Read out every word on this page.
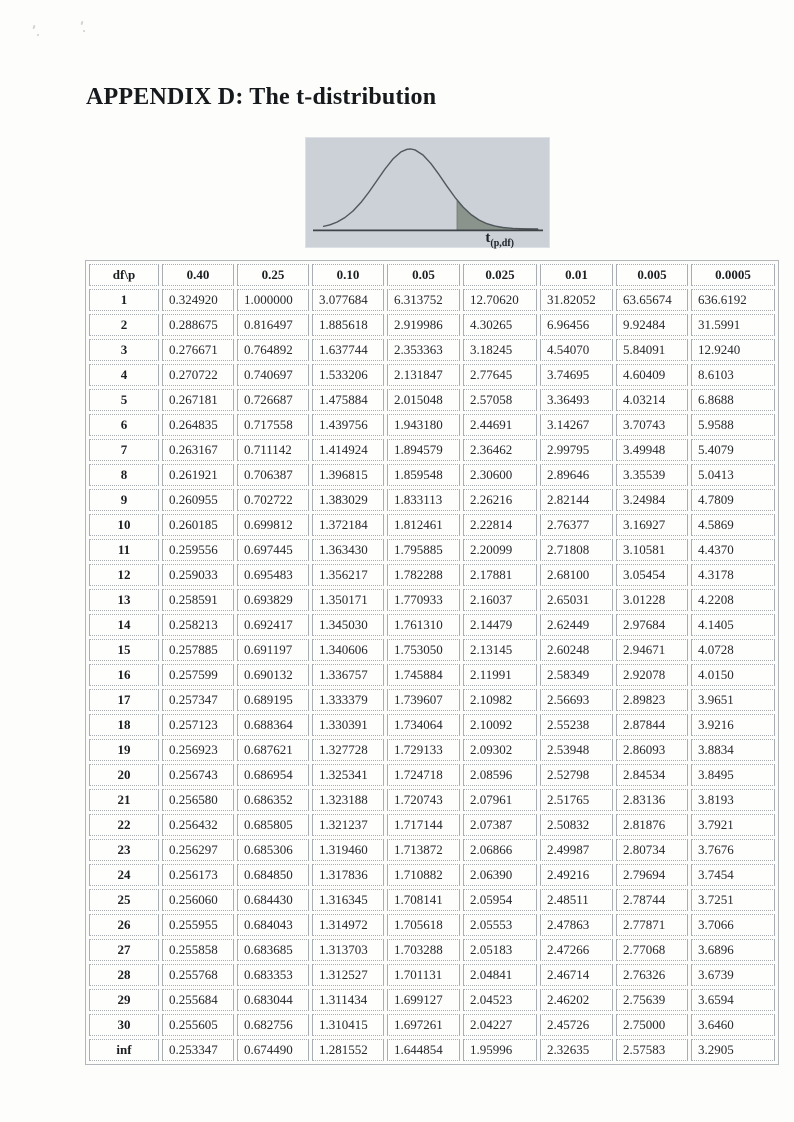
APPENDIX D: The t-distribution
$t_{(p,df)}$
df\p	0.40	0.25	0.10	0.05	0.025	0.01	0.005	0.0005
1	0.324920	1.000000	3.077684	6.313752	12.70620	31.82052	63.65674	636.6192
2	0.288675	0.816497	1.885618	2.919986	4.30265	6.96456	9.92484	31.5991
3	0.276671	0.764892	1.637744	2.353363	3.18245	4.54070	5.84091	12.9240
4	0.270722	0.740697	1.533206	2.131847	2.77645	3.74695	4.60409	8.6103
5	0.267181	0.726687	1.475884	2.015048	2.57058	3.36493	4.03214	6.8688
6	0.264835	0.717558	1.439756	1.943180	2.44691	3.14267	3.70743	5.9588
7	0.263167	0.711142	1.414924	1.894579	2.36462	2.99795	3.49948	5.4079
8	0.261921	0.706387	1.396815	1.859548	2.30600	2.89646	3.35539	5.0413
9	0.260955	0.702722	1.383029	1.833113	2.26216	2.82144	3.24984	4.7809
10	0.260185	0.699812	1.372184	1.812461	2.22814	2.76377	3.16927	4.5869
11	0.259556	0.697445	1.363430	1.795885	2.20099	2.71808	3.10581	4.4370
12	0.259033	0.695483	1.356217	1.782288	2.17881	2.68100	3.05454	4.3178
13	0.258591	0.693829	1.350171	1.770933	2.16037	2.65031	3.01228	4.2208
14	0.258213	0.692417	1.345030	1.761310	2.14479	2.62449	2.97684	4.1405
15	0.257885	0.691197	1.340606	1.753050	2.13145	2.60248	2.94671	4.0728
16	0.257599	0.690132	1.336757	1.745884	2.11991	2.58349	2.92078	4.0150
17	0.257347	0.689195	1.333379	1.739607	2.10982	2.56693	2.89823	3.9651
18	0.257123	0.688364	1.330391	1.734064	2.10092	2.55238	2.87844	3.9216
19	0.256923	0.687621	1.327728	1.729133	2.09302	2.53948	2.86093	3.8834
20	0.256743	0.686954	1.325341	1.724718	2.08596	2.52798	2.84534	3.8495
21	0.256580	0.686352	1.323188	1.720743	2.07961	2.51765	2.83136	3.8193
22	0.256432	0.685805	1.321237	1.717144	2.07387	2.50832	2.81876	3.7921
23	0.256297	0.685306	1.319460	1.713872	2.06866	2.49987	2.80734	3.7676
24	0.256173	0.684850	1.317836	1.710882	2.06390	2.49216	2.79694	3.7454
25	0.256060	0.684430	1.316345	1.708141	2.05954	2.48511	2.78744	3.7251
26	0.255955	0.684043	1.314972	1.705618	2.05553	2.47863	2.77871	3.7066
27	0.255858	0.683685	1.313703	1.703288	2.05183	2.47266	2.77068	3.6896
28	0.255768	0.683353	1.312527	1.701131	2.04841	2.46714	2.76326	3.6739
29	0.255684	0.683044	1.311434	1.699127	2.04523	2.46202	2.75639	3.6594
30	0.255605	0.682756	1.310415	1.697261	2.04227	2.45726	2.75000	3.6460
inf	0.253347	0.674490	1.281552	1.644854	1.95996	2.32635	2.57583	3.2905
